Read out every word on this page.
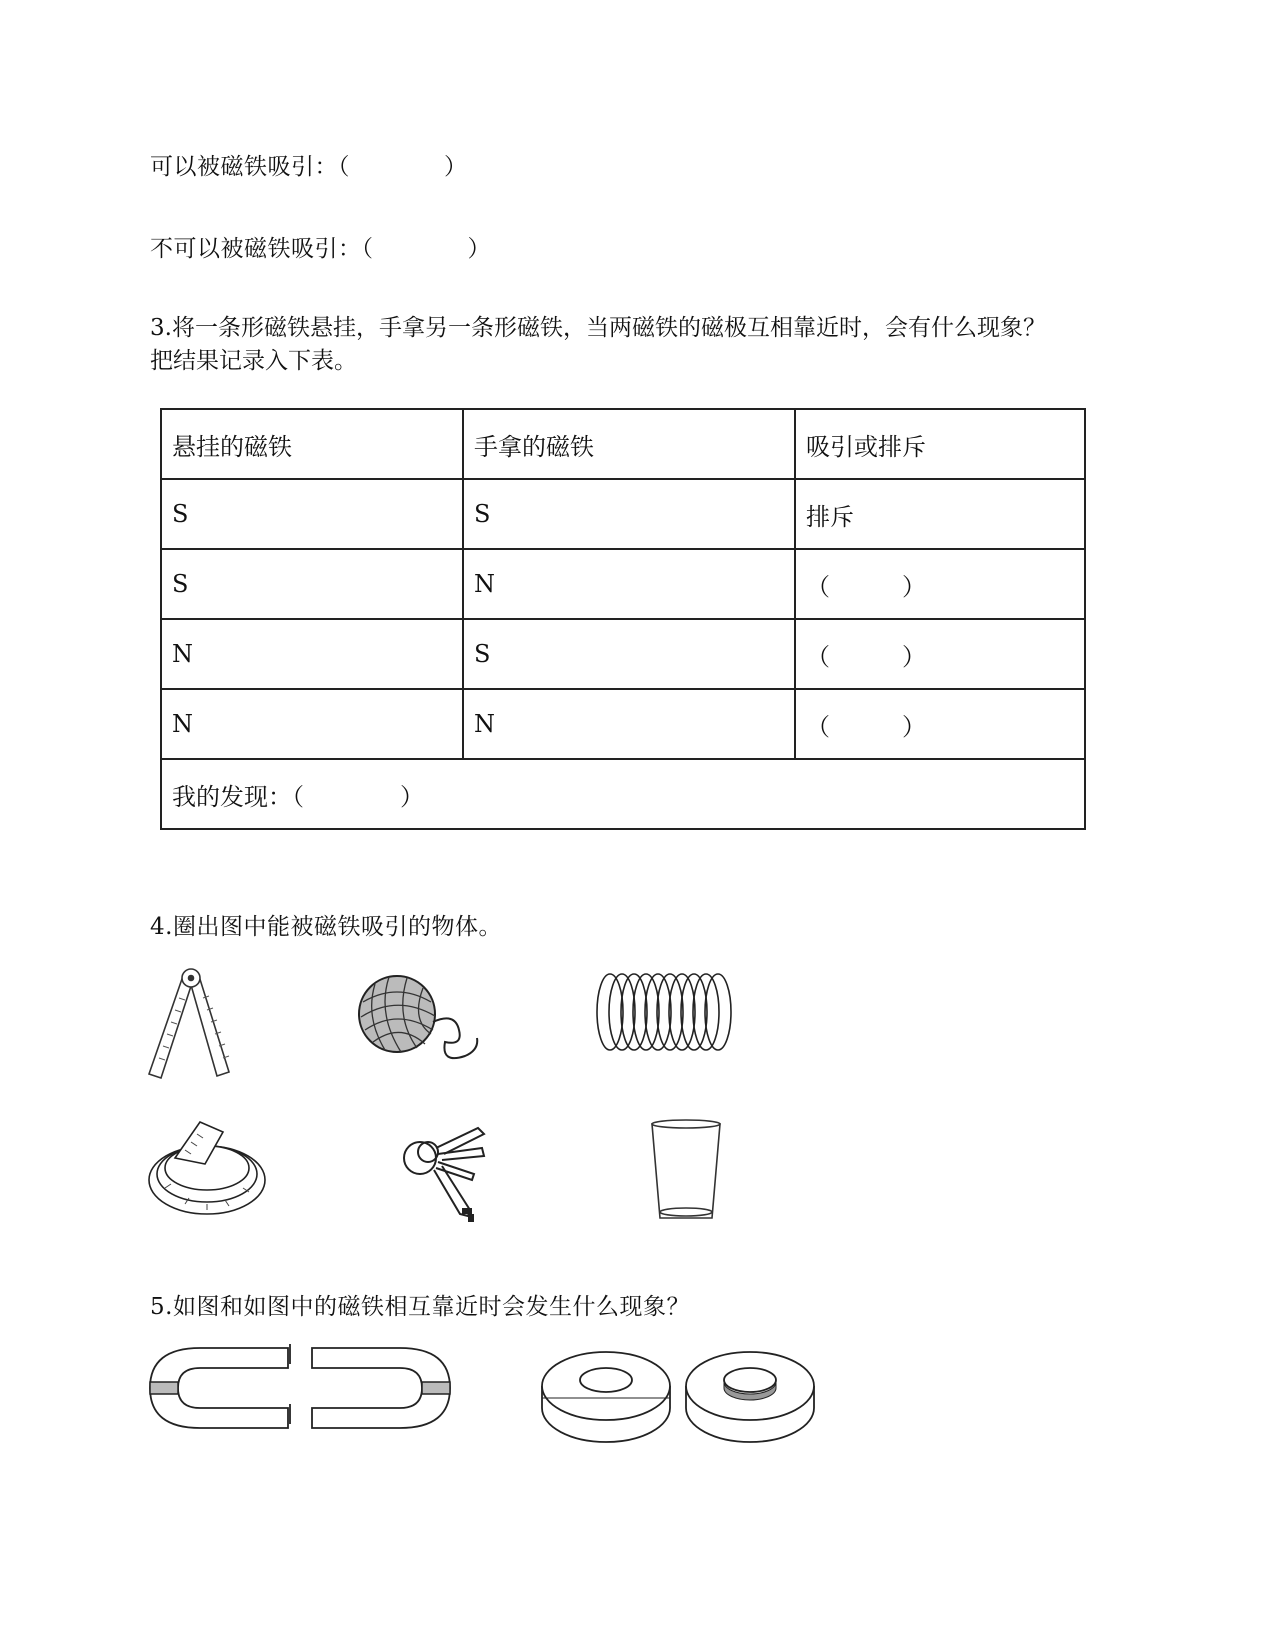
可以被磁铁吸引：（　　　　）
不可以被磁铁吸引：（　　　　）
3.将一条形磁铁悬挂，手拿另一条形磁铁，当两磁铁的磁极互相靠近时，会有什么现象？
把结果记录入下表。
悬挂的磁铁	手拿的磁铁	吸引或排斥
S	S	排斥
S	N	（　　　）
N	S	（　　　）
N	N	（　　　）
我的发现：（　　　　）		
4.圈出图中能被磁铁吸引的物体。
5.如图和如图中的磁铁相互靠近时会发生什么现象？
